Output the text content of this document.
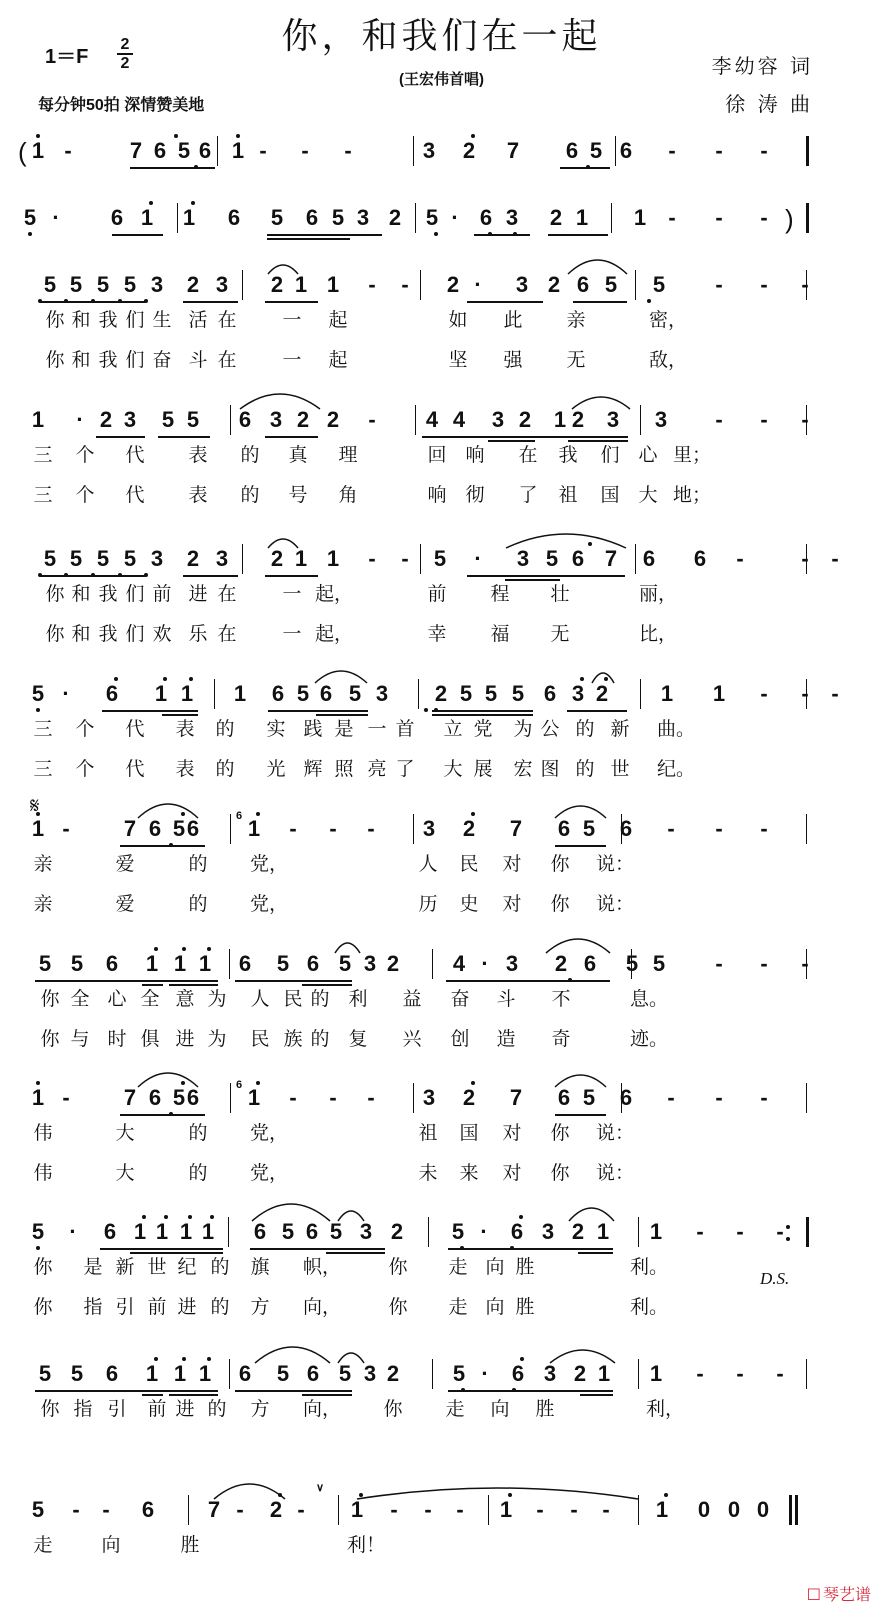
你，和我们在一起
(王宏伟首唱)
1＝F
2
2
每分钟50拍 深情赞美地
李幼容 词
徐 涛 曲
1 -	7 6 5 6 1 -	-	-	3 2 7 6 5 6	-	-	-
(
5 ·	6 1 1 6 5 6 5 3 2 5 · 6 3 2 1 1	-	-	- )
5 5 5 5 3 2 3 2 1 1	-	-	2 ·	3 2 6 5 5	-	-	-
你 和 我 们 生 活 在 一 起	如 此 亲	密，
你 和 我 们 奋 斗 在 一 起	坚 强 无	敌，
1	· 2 3 5 5 6 3 2 2	-	4 4 3 2 1 2 3 3	-	-	-
三 个 代 表 的 真 理	回 响 在 我 们 心 里；
三 个 代 表 的 号 角	响 彻 了 祖 国 大 地；
5 5 5 5 3 2 3 2 1 1	-	-	5	·	3 5 6 7 6 6	-	-	-
你 和 我 们 前 进 在 一 起，	前 程 壮	丽，
你 和 我 们 欢 乐 在 一 起，	幸 福 无	比，
5 ·	6 1 1 1 6 5 6 5 3 2 5 5 5 6 3 2 1 1	-	-	-
三 个 代 表 的 实 践 是 一 首 立 党 为 公 的 新 曲。
三 个 代 表 的 光 辉 照 亮 了 大 展 宏 图 的 世 纪。
1 -	7 6 5 6 1	-	-	-	3 2 7 6 5 6	-	-	-
𝄋	6
亲	爱	的 党，	人 民 对 你 说：
亲	爱	的 党，	历 史 对 你 说：
5 5 6 1 1 1 6 5 6 5 3 2 4 · 3 2 6 5 5	-	-	-
你 全 心 全 意 为 人 民 的 利 益 奋 斗 不	息。
你 与 时 俱 进 为 民 族 的 复 兴 创 造 奇	迹。
1 -	7 6 5 6 1	-	-	-	3 2 7 6 5 6	-	-	-
6
伟	大	的 党，	祖 国 对 你 说：
伟	大	的 党，	未 来 对 你 说：
5	·	6 1 1 1 1 6 5 6 5 3 2 5 ·	6 3 2 1 1	-	-	-
D.S.
你 是 新 世 纪 的 旗 帜， 你 走 向 胜	利。
你 指 引 前 进 的 方 向， 你 走 向 胜	利。
5 5 6 1 1 1 6 5 6 5 3 2 5 ·	6 3 2 1 1	-	-	-
你 指 引 前 进 的 方 向， 你 走 向 胜	利，
5	-	-	6 7 -	2 -	1	-	-	-	1	-	-	-	1 0 0 0
∨
走	向	胜	利！
☐ 琴艺谱
